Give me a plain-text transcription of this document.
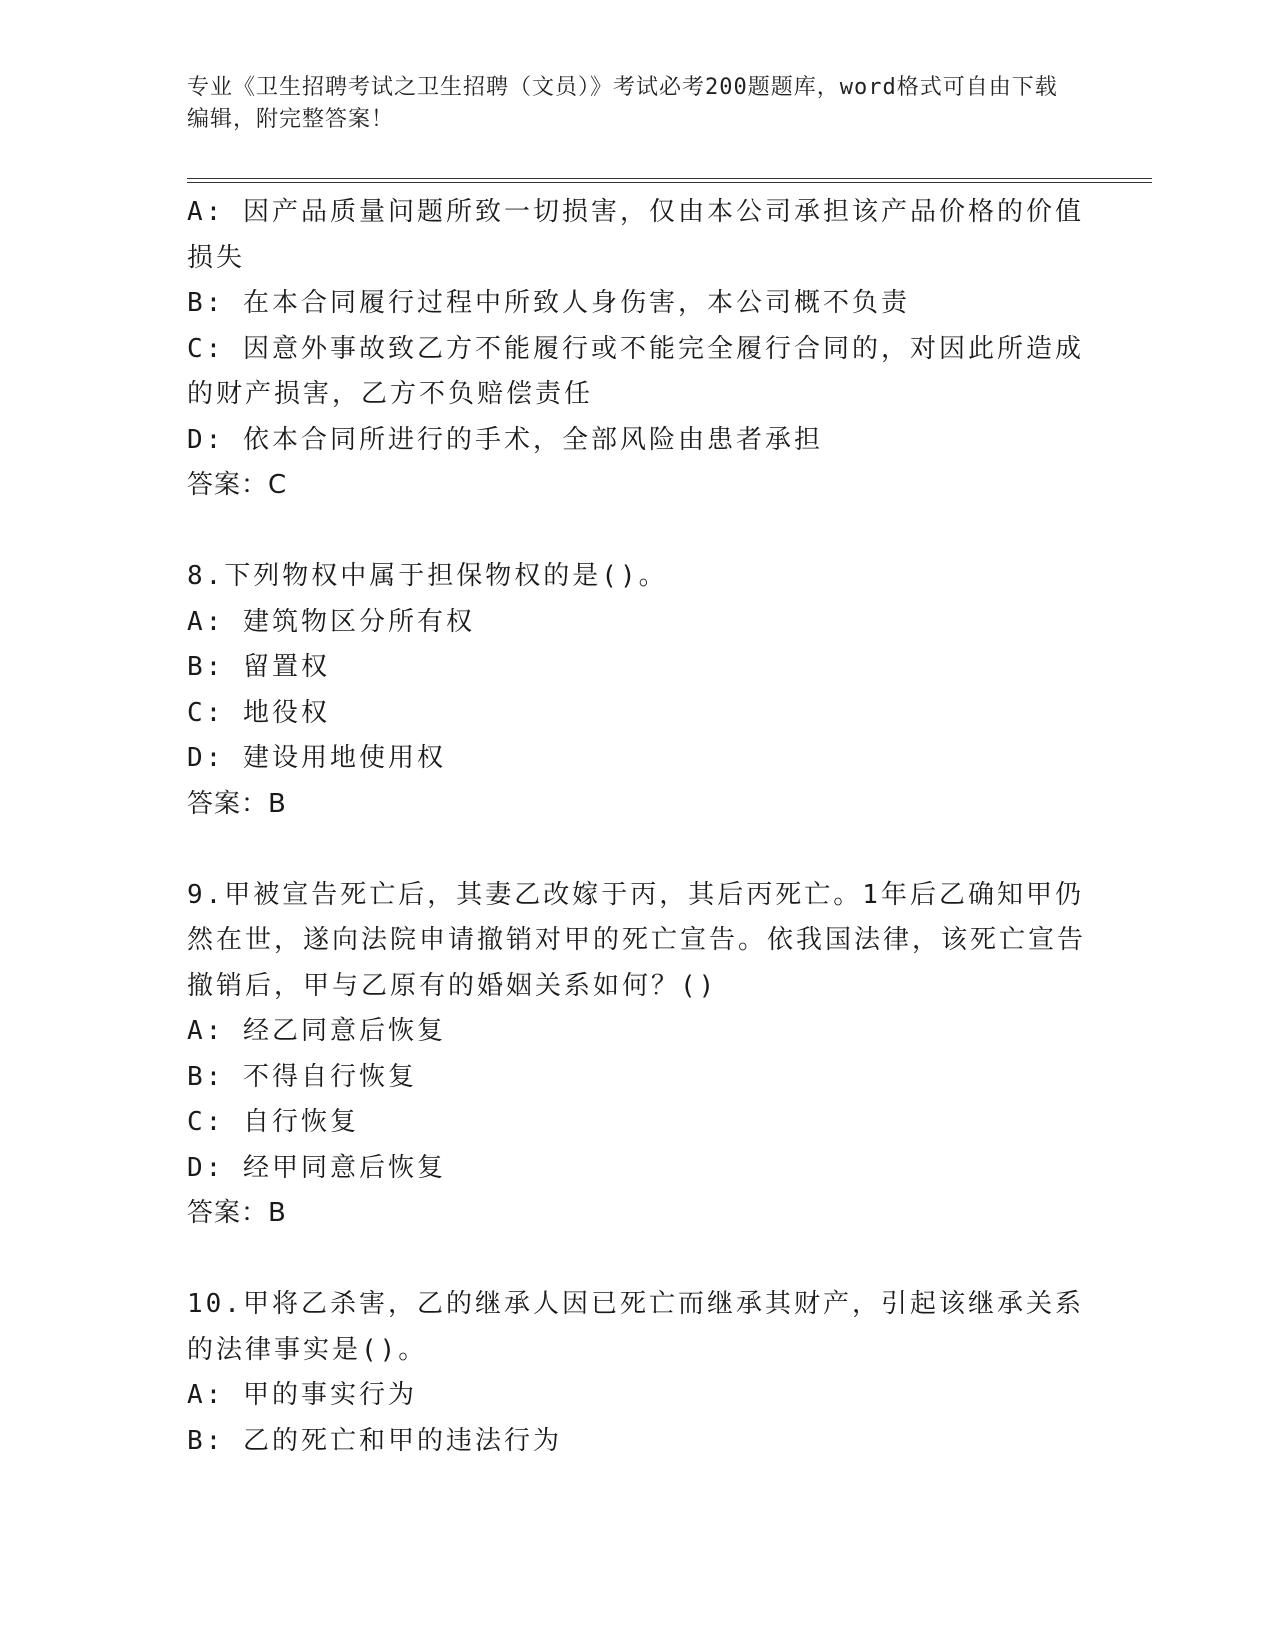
专业《卫生招聘考试之卫生招聘（文员）》考试必考200题题库，word格式可自由下载编辑，附完整答案！

A: 因产品质量问题所致一切损害，仅由本公司承担该产品价格的价值损失

B: 在本合同履行过程中所致人身伤害，本公司概不负责

C: 因意外事故致乙方不能履行或不能完全履行合同的，对因此所造成的财产损害，乙方不负赔偿责任

D: 依本合同所进行的手术，全部风险由患者承担

答案：C

8.下列物权中属于担保物权的是()。

A: 建筑物区分所有权

B: 留置权

C: 地役权

D: 建设用地使用权

答案：B

9.甲被宣告死亡后，其妻乙改嫁于丙，其后丙死亡。1年后乙确知甲仍然在世，遂向法院申请撤销对甲的死亡宣告。依我国法律，该死亡宣告撤销后，甲与乙原有的婚姻关系如何？()

A: 经乙同意后恢复

B: 不得自行恢复

C: 自行恢复

D: 经甲同意后恢复

答案：B

10.甲将乙杀害，乙的继承人因已死亡而继承其财产，引起该继承关系的法律事实是()。

A: 甲的事实行为

B: 乙的死亡和甲的违法行为
